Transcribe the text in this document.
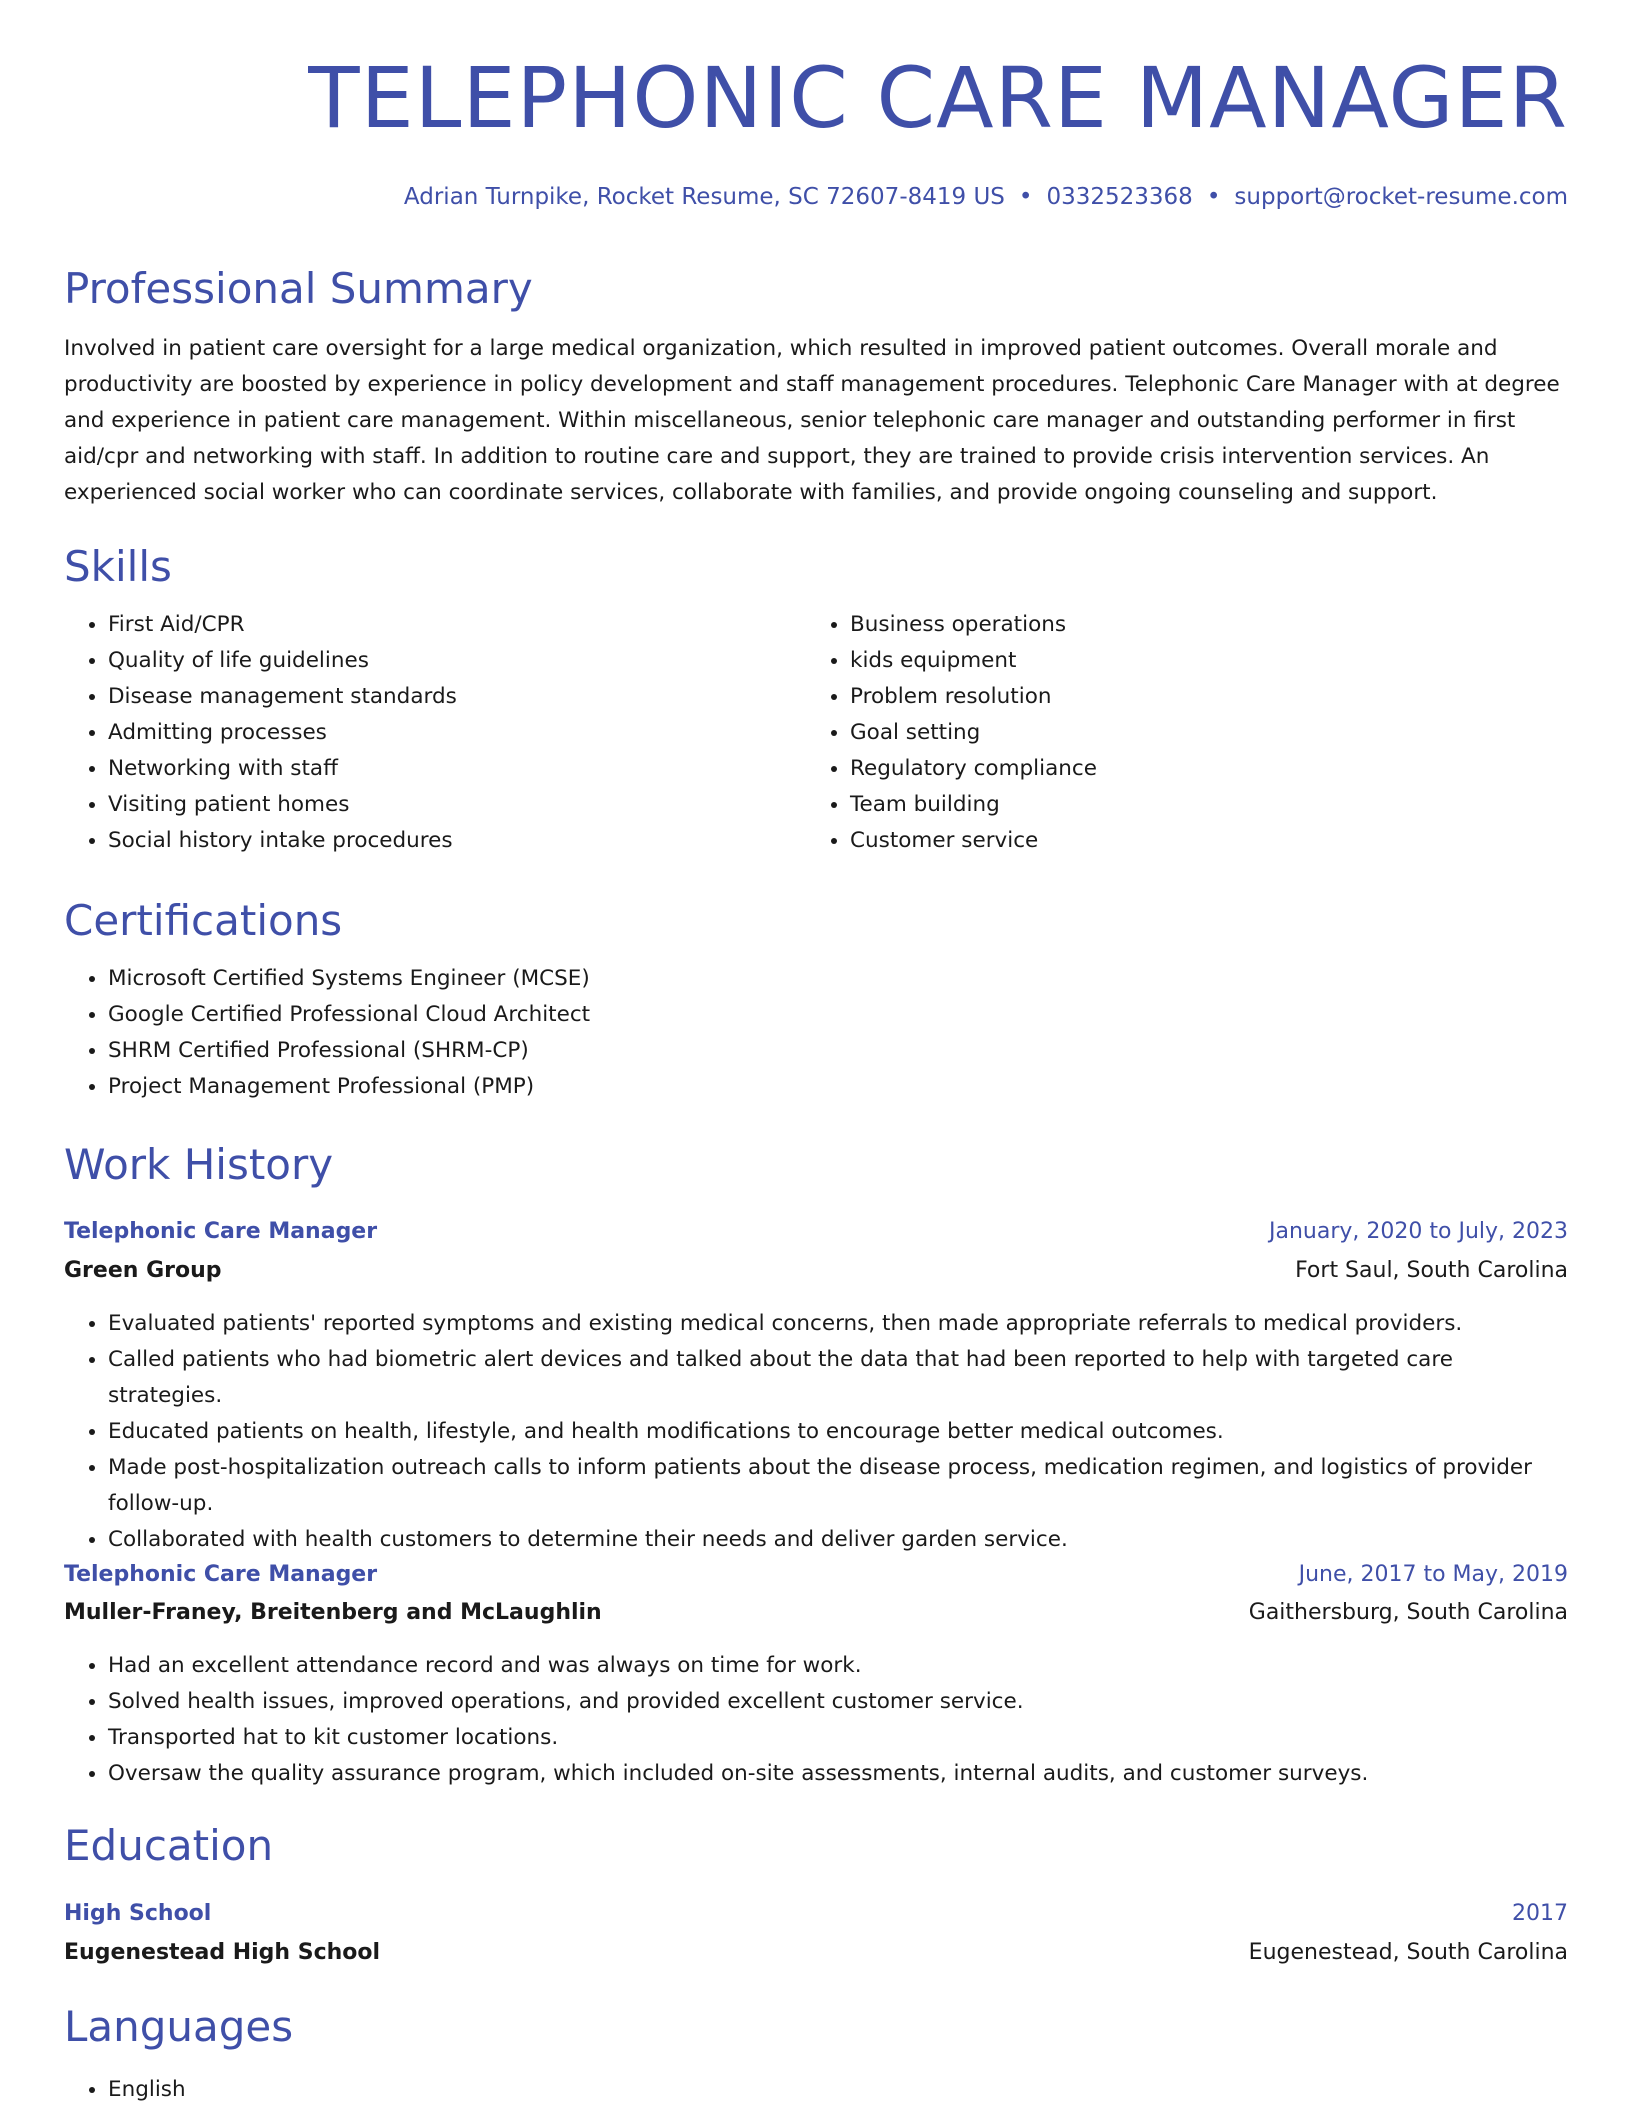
TELEPHONIC CARE MANAGER
Adrian Turnpike, Rocket Resume, SC 72607-8419 US • 0332523368 • support@rocket-resume.com
Professional Summary

Involved in patient care oversight for a large medical organization, which resulted in improved patient outcomes. Overall morale and productivity are boosted by experience in policy development and staff management procedures. Telephonic Care Manager with at degree and experience in patient care management. Within miscellaneous, senior telephonic care manager and outstanding performer in first aid/cpr and networking with staff. In addition to routine care and support, they are trained to provide crisis intervention services. An experienced social worker who can coordinate services, collaborate with families, and provide ongoing counseling and support.

Skills
• First Aid/CPR
• Quality of life guidelines
• Disease management standards
• Admitting processes
• Networking with staff
• Visiting patient homes
• Social history intake procedures
• Business operations
• kids equipment
• Problem resolution
• Goal setting
• Regulatory compliance
• Team building
• Customer service
Certifications
• Microsoft Certified Systems Engineer (MCSE)
• Google Certified Professional Cloud Architect
• SHRM Certified Professional (SHRM-CP)
• Project Management Professional (PMP)
Work History
Telephonic Care Manager	January, 2020 to July, 2023
Green Group	Fort Saul, South Carolina
• Evaluated patients' reported symptoms and existing medical concerns, then made appropriate referrals to medical providers.
• Called patients who had biometric alert devices and talked about the data that had been reported to help with targeted care strategies.
• Educated patients on health, lifestyle, and health modifications to encourage better medical outcomes.
• Made post-hospitalization outreach calls to inform patients about the disease process, medication regimen, and logistics of provider follow-up.
• Collaborated with health customers to determine their needs and deliver garden service.
Telephonic Care Manager	June, 2017 to May, 2019
Muller-Franey, Breitenberg and McLaughlin	Gaithersburg, South Carolina
• Had an excellent attendance record and was always on time for work.
• Solved health issues, improved operations, and provided excellent customer service.
• Transported hat to kit customer locations.
• Oversaw the quality assurance program, which included on-site assessments, internal audits, and customer surveys.
Education
High School	2017
Eugenestead High School	Eugenestead, South Carolina
Languages
• English
